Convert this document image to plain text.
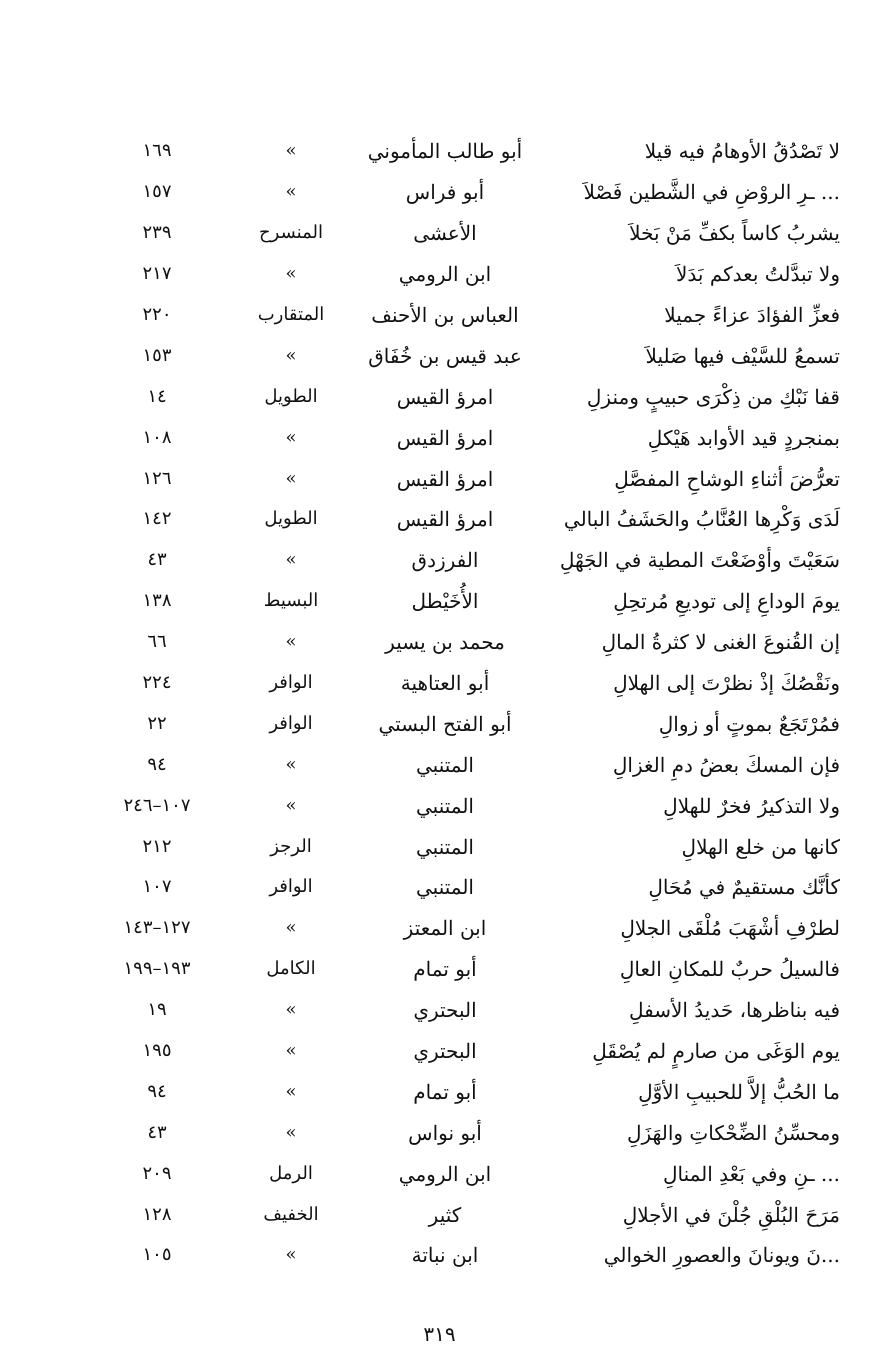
لا تَصْدُقُ الأوهامُ فيه قيلا
أبو طالب المأموني
»
١٦٩
... ـرِ الروْضِ في الشَّطين فَصْلاَ
أبو فراس
»
١٥٧
يشربُ كاساً بكفِّ مَنْ بَخلاَ
الأعشى
المنسرح
٢٣٩
ولا تبدَّلتُ بعدكم بَدَلاَ
ابن الرومي
»
٢١٧
فعزِّ الفؤادَ عزاءً جميلا
العباس بن الأحنف
المتقارب
٢٢٠
تسمعُ للسَّيْف فيها صَليلاَ
عبد قيس بن خُفَاق
»
١٥٣
قفا نَبْكِ من ذِكْرَى حبيبٍ ومنزلِ
امرؤ القيس
الطويل
١٤
بمنجردٍ قيد الأوابد هَيْكلِ
امرؤ القيس
»
١٠٨
تعرُّضَ أثناءِ الوشاحِ المفصَّلِ
امرؤ القيس
»
١٢٦
لَدَى وَكْرِها العُنَّابُ والحَشَفُ البالي
امرؤ القيس
الطويل
١٤٢
سَعَيْتَ وأوْضَعْتَ المطية في الجَهْلِ
الفرزدق
»
٤٣
يومَ الوداعِ إلى توديعِ مُرتحِلِ
الأُخَيْطل
البسيط
١٣٨
إن القُنوعَ الغنى لا كثرةُ المالِ
محمد بن يسير
»
٦٦
ونَقْصُكَ إذْ نظرْتَ إلى الهلالِ
أبو العتاهية
الوافر
٢٢٤
فمُرْتَجَعٌ بموتٍ أو زوالِ
أبو الفتح البستي
الوافر
٢٢
فإن المسكَ بعضُ دمِ الغزالِ
المتنبي
»
٩٤
ولا التذكيرُ فخرٌ للهلالِ
المتنبي
»
١٠٧–٢٤٦
كانها من خلع الهلالِ
المتنبي
الرجز
٢١٢
كأنَّك مستقيمٌ في مُحَالِ
المتنبي
الوافر
١٠٧
لطرْفِ أشْهَبَ مُلْقَى الجلالِ
ابن المعتز
»
١٢٧–١٤٣
فالسيلُ حربٌ للمكانِ العالِ
أبو تمام
الكامل
١٩٣–١٩٩
فيه بناظرها، حَديدُ الأسفلِ
البحتري
»
١٩
يوم الوَغَى من صارمٍ لم يُصْقَلِ
البحتري
»
١٩٥
ما الحُبُّ إلاَّ للحبيبِ الأوَّلِ
أبو تمام
»
٩٤
ومحسِّنُ الضِّحْكاتِ والهَزَلِ
أبو نواس
»
٤٣
... ـنِ وفي بَعْدِ المنالِ
ابن الرومي
الرمل
٢٠٩
مَرَحَ البُلْقِ جُلْنَ في الأجلالِ
كثير
الخفيف
١٢٨
...نَ ويونانَ والعصورِ الخوالي
ابن نباتة
»
١٠٥
٣١٩
